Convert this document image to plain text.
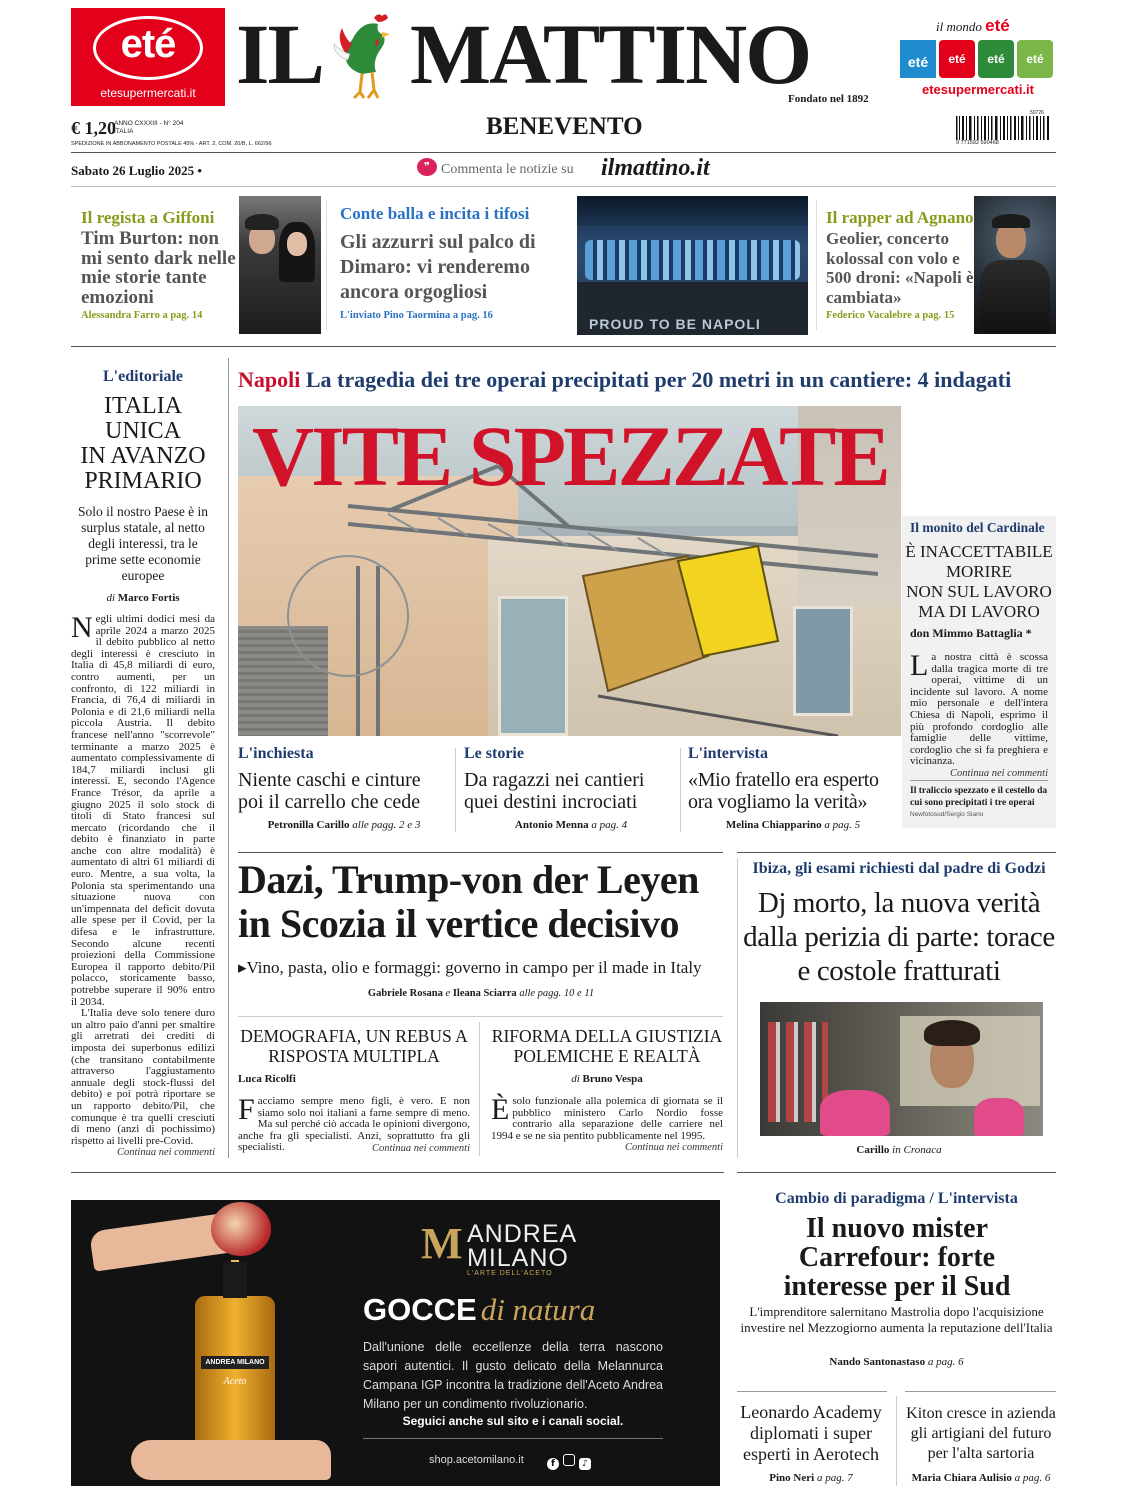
eté
etesupermercati.it IL MATTINO
Fondato nel 1892
BENEVENTO
€ 1,20
ANNO CXXXIII - N° 204
ITALIA
SPEDIZIONE IN ABBONAMENTO POSTALE 45% - ART. 2, COM. 20/B, L. 662/96
il mondo eté
eté	eté	eté	eté
etesupermercati.it
50726
9 771592 590468
Sabato 26 Luglio 2025 •	❞ Commenta le notizie su ilmattino.it
Il regista a Giffoni
Tim Burton: non mi sento dark nelle mie storie tante emozioni
Alessandra Farro a pag. 14
Conte balla e incita i tifosi
Gli azzurri sul palco di Dimaro: vi renderemo ancora orgogliosi
L'inviato Pino Taormina a pag. 16
PROUD TO BE NAPOLI
Il rapper ad Agnano
Geolier, concerto kolossal con volo e 500 droni: «Napoli è cambiata»
Federico Vacalebre a pag. 15
L'editoriale
ITALIA
UNICA
IN AVANZO
PRIMARIO
Solo il nostro Paese è in surplus statale, al netto degli interessi, tra le prime sette economie europee
di Marco Fortis
Negli ultimi dodici mesi da aprile 2024 a marzo 2025 il debito pubblico al netto degli interessi è cresciuto in Italia di 45,8 miliardi di euro, contro aumenti, per un confronto, di 122 miliardi in Francia, di 76,4 di miliardi in Polonia e di 21,6 miliardi nella piccola Austria. Il debito francese nell'anno "scorrevole" terminante a marzo 2025 è aumentato complessivamente di 184,7 miliardi inclusi gli interessi. E, secondo l'Agence France Trésor, da aprile a giugno 2025 il solo stock di titoli di Stato francesi sul mercato (ricordando che il debito è finanziato in parte anche con altre modalità) è aumentato di altri 61 miliardi di euro. Mentre, a sua volta, la Polonia sta sperimentando una situazione nuova con un'impennata del deficit dovuta alle spese per il Covid, per la difesa e le infrastrutture. Secondo alcune recenti proiezioni della Commissione Europea il rapporto debito/Pil polacco, storicamente basso, potrebbe superare il 90% entro il 2034.
L'Italia deve solo tenere duro un altro paio d'anni per smaltire gli arretrati dei crediti di imposta dei superbonus edilizi (che transitano contabilmente attraverso l'aggiustamento annuale degli stock-flussi del debito) e poi potrà riportare se un rapporto debito/Pil, che comunque è tra quelli cresciuti di meno (anzi di pochissimo) rispetto ai livelli pre-Covid.
Continua nei commenti
Napoli La tragedia dei tre operai precipitati per 20 metri in un cantiere: 4 indagati
VITE SPEZZATE
Il monito del Cardinale
È INACCETTABILE
MORIRE
NON SUL LAVORO
MA DI LAVORO
don Mimmo Battaglia *
La nostra città è scossa dalla tragica morte di tre operai, vittime di un incidente sul lavoro. A nome mio personale e dell'intera Chiesa di Napoli, esprimo il più profondo cordoglio alle famiglie delle vittime, cordoglio che si fa preghiera e vicinanza.
Continua nei commenti
Il traliccio spezzato e il cestello da cui sono precipitati i tre operai Newfotosud/Sergio Siano
L'inchiesta
Niente caschi e cinture poi il carrello che cede
Petronilla Carillo alle pagg. 2 e 3
Le storie
Da ragazzi nei cantieri quei destini incrociati
Antonio Menna a pag. 4
L'intervista
«Mio fratello era esperto ora vogliamo la verità»
Melina Chiapparino a pag. 5
Dazi, Trump-von der Leyen in Scozia il vertice decisivo
▸Vino, pasta, olio e formaggi: governo in campo per il made in Italy
Gabriele Rosana e Ileana Sciarra alle pagg. 10 e 11
DEMOGRAFIA, UN REBUS A RISPOSTA MULTIPLA
Luca Ricolfi
Facciamo sempre meno figli, è vero. E non siamo solo noi italiani a farne sempre di meno. Ma sul perché ciò accada le opinioni divergono, anche fra gli specialisti. Anzi, soprattutto fra gli specialisti.	Continua nei commenti
RIFORMA DELLA GIUSTIZIA POLEMICHE E REALTÀ
di Bruno Vespa
Èsolo funzionale alla polemica di giornata se il pubblico ministero Carlo Nordio fosse contrario alla separazione delle carriere nel 1994 e se ne sia pentito pubblicamente nel 1995.
Continua nei commenti
Ibiza, gli esami richiesti dal padre di Godzi
Dj morto, la nuova verità dalla perizia di parte: torace e costole fratturati
Carillo in Cronaca
ANDREA MILANO
Aceto
M ANDREA
MILANO
L'ARTE DELL'ACETO
GOCCE di natura
Dall'unione delle eccellenze della terra nascono sapori autentici. Il gusto delicato della Melannurca Campana IGP incontra la tradizione dell'Aceto Andrea Milano per un condimento rivoluzionario.
Seguici anche sul sito e i canali social.
shop.acetomilano.it	f	♪
Cambio di paradigma / L'intervista
Il nuovo mister Carrefour: forte interesse per il Sud
L'imprenditore salernitano Mastrolia dopo l'acquisizione investire nel Mezzogiorno aumenta la reputazione dell'Italia
Nando Santonastaso a pag. 6
Leonardo Academy diplomati i super esperti in Aerotech
Pino Neri a pag. 7
Kiton cresce in azienda gli artigiani del futuro per l'alta sartoria
Maria Chiara Aulisio a pag. 6
